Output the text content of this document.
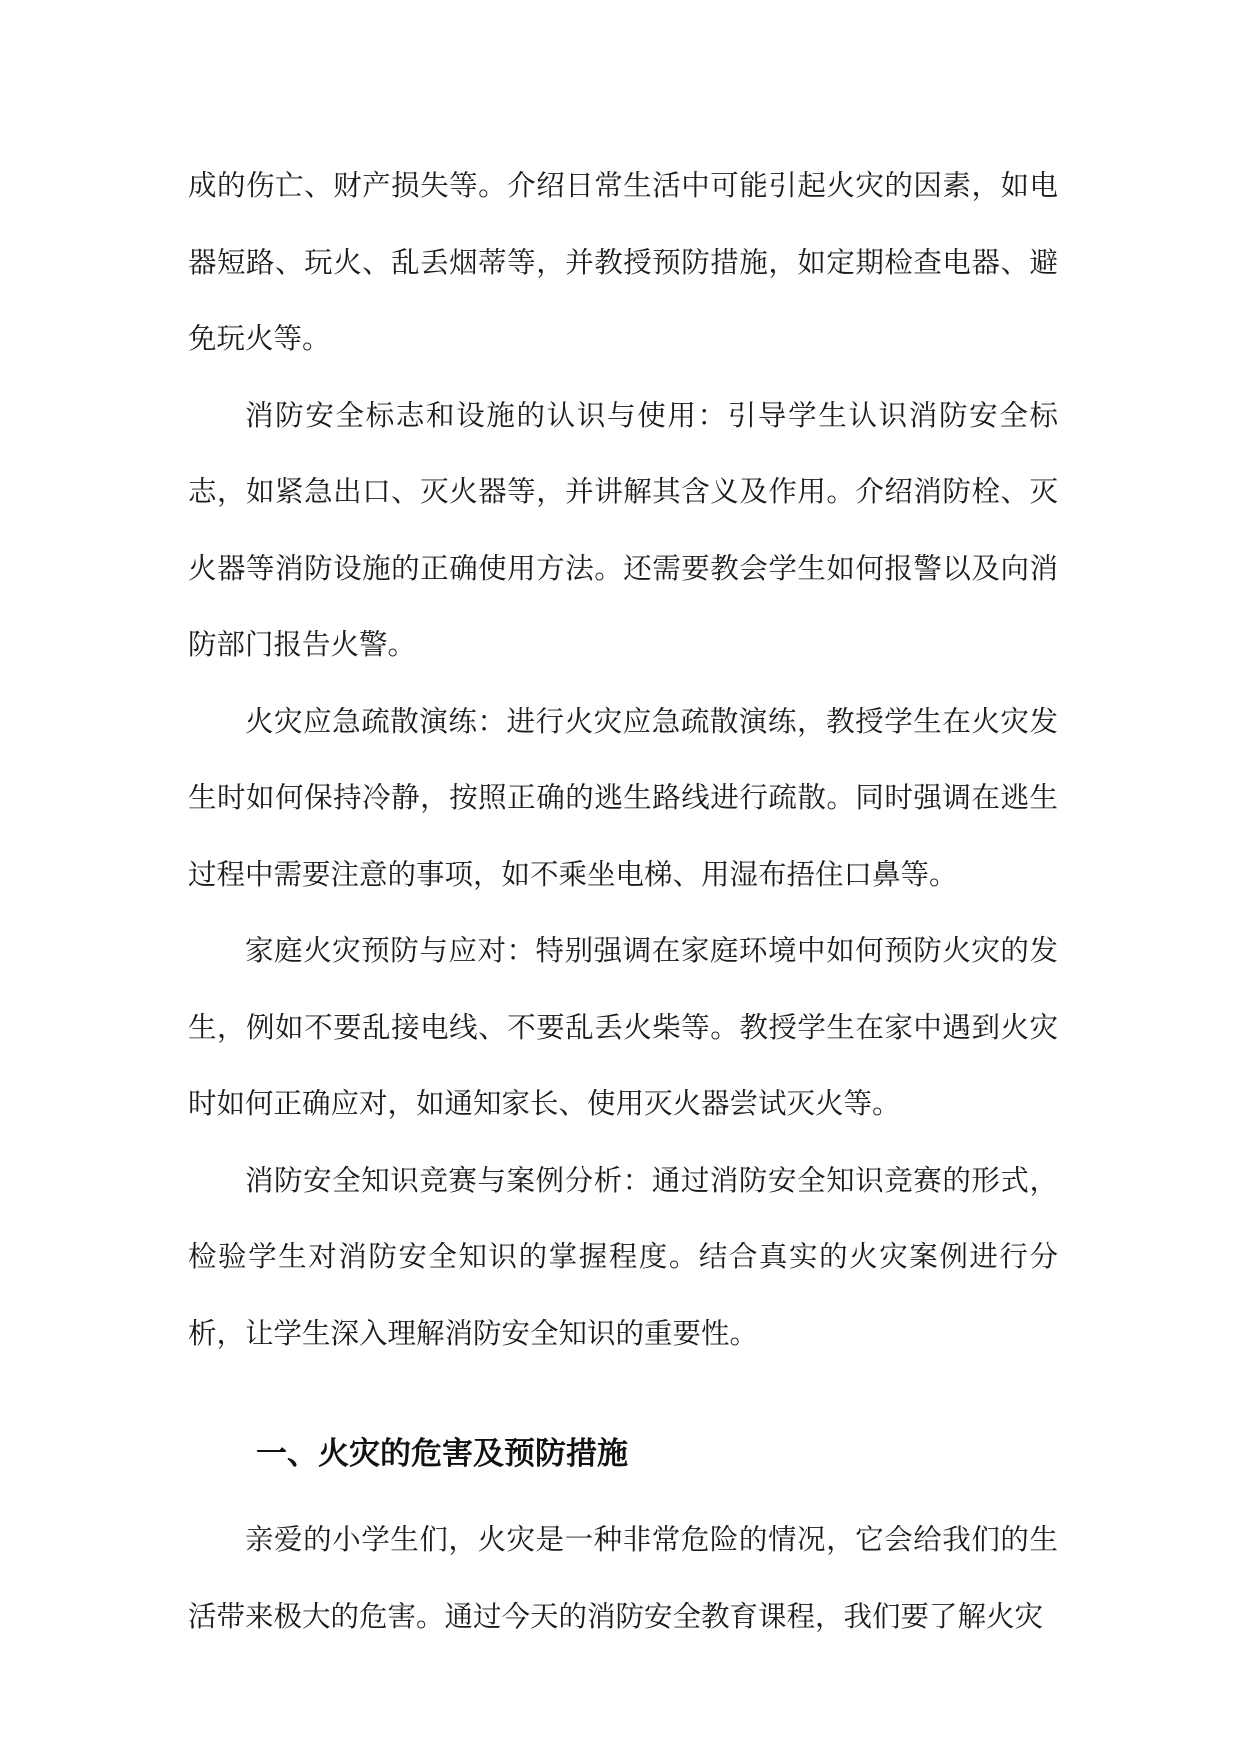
成的伤亡、财产损失等。介绍日常生活中可能引起火灾的因素，如电器短路、玩火、乱丢烟蒂等，并教授预防措施，如定期检查电器、避免玩火等。

消防安全标志和设施的认识与使用：引导学生认识消防安全标志，如紧急出口、灭火器等，并讲解其含义及作用。介绍消防栓、灭火器等消防设施的正确使用方法。还需要教会学生如何报警以及向消防部门报告火警。

火灾应急疏散演练：进行火灾应急疏散演练，教授学生在火灾发生时如何保持冷静，按照正确的逃生路线进行疏散。同时强调在逃生过程中需要注意的事项，如不乘坐电梯、用湿布捂住口鼻等。

家庭火灾预防与应对：特别强调在家庭环境中如何预防火灾的发生，例如不要乱接电线、不要乱丢火柴等。教授学生在家中遇到火灾时如何正确应对，如通知家长、使用灭火器尝试灭火等。

消防安全知识竞赛与案例分析：通过消防安全知识竞赛的形式，检验学生对消防安全知识的掌握程度。结合真实的火灾案例进行分析，让学生深入理解消防安全知识的重要性。

一、火灾的危害及预防措施

亲爱的小学生们，火灾是一种非常危险的情况，它会给我们的生活带来极大的危害。通过今天的消防安全教育课程，我们要了解火灾
